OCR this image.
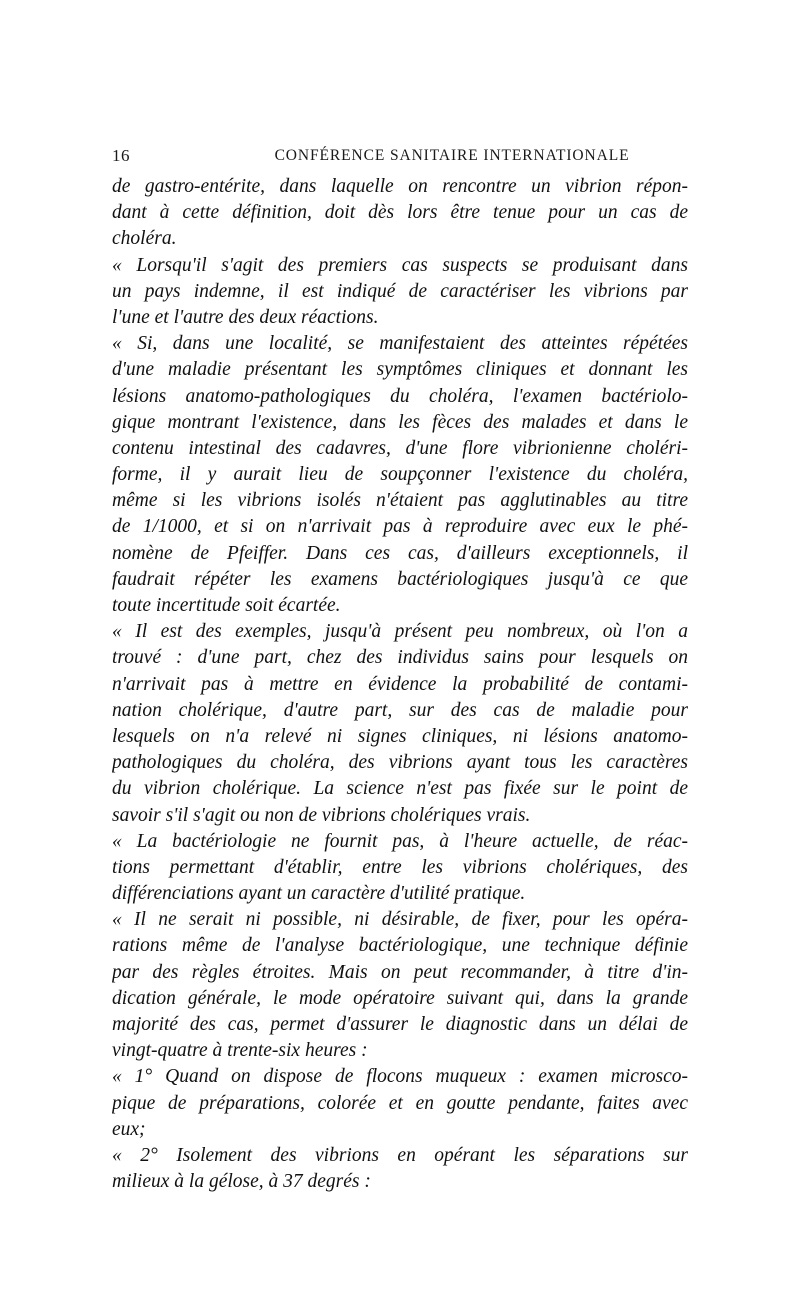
16	CONFÉRENCE SANITAIRE INTERNATIONALE
de gastro-entérite, dans laquelle on rencontre un vibrion répon-
dant à cette définition, doit dès lors être tenue pour un cas de
choléra.
« Lorsqu'il s'agit des premiers cas suspects se produisant dans
un pays indemne, il est indiqué de caractériser les vibrions par
l'une et l'autre des deux réactions.
« Si, dans une localité, se manifestaient des atteintes répétées
d'une maladie présentant les symptômes cliniques et donnant les
lésions anatomo-pathologiques du choléra, l'examen bactériolo-
gique montrant l'existence, dans les fèces des malades et dans le
contenu intestinal des cadavres, d'une flore vibrionienne choléri-
forme, il y aurait lieu de soupçonner l'existence du choléra,
même si les vibrions isolés n'étaient pas agglutinables au titre
de 1/1000, et si on n'arrivait pas à reproduire avec eux le phé-
nomène de Pfeiffer. Dans ces cas, d'ailleurs exceptionnels, il
faudrait répéter les examens bactériologiques jusqu'à ce que
toute incertitude soit écartée.
« Il est des exemples, jusqu'à présent peu nombreux, où l'on a
trouvé : d'une part, chez des individus sains pour lesquels on
n'arrivait pas à mettre en évidence la probabilité de contami-
nation cholérique, d'autre part, sur des cas de maladie pour
lesquels on n'a relevé ni signes cliniques, ni lésions anatomo-
pathologiques du choléra, des vibrions ayant tous les caractères
du vibrion cholérique. La science n'est pas fixée sur le point de
savoir s'il s'agit ou non de vibrions cholériques vrais.
« La bactériologie ne fournit pas, à l'heure actuelle, de réac-
tions permettant d'établir, entre les vibrions cholériques, des
différenciations ayant un caractère d'utilité pratique.
« Il ne serait ni possible, ni désirable, de fixer, pour les opéra-
rations même de l'analyse bactériologique, une technique définie
par des règles étroites. Mais on peut recommander, à titre d'in-
dication générale, le mode opératoire suivant qui, dans la grande
majorité des cas, permet d'assurer le diagnostic dans un délai de
vingt-quatre à trente-six heures :
« 1° Quand on dispose de flocons muqueux : examen microsco-
pique de préparations, colorée et en goutte pendante, faites avec
eux;
« 2° Isolement des vibrions en opérant les séparations sur
milieux à la gélose, à 37 degrés :
